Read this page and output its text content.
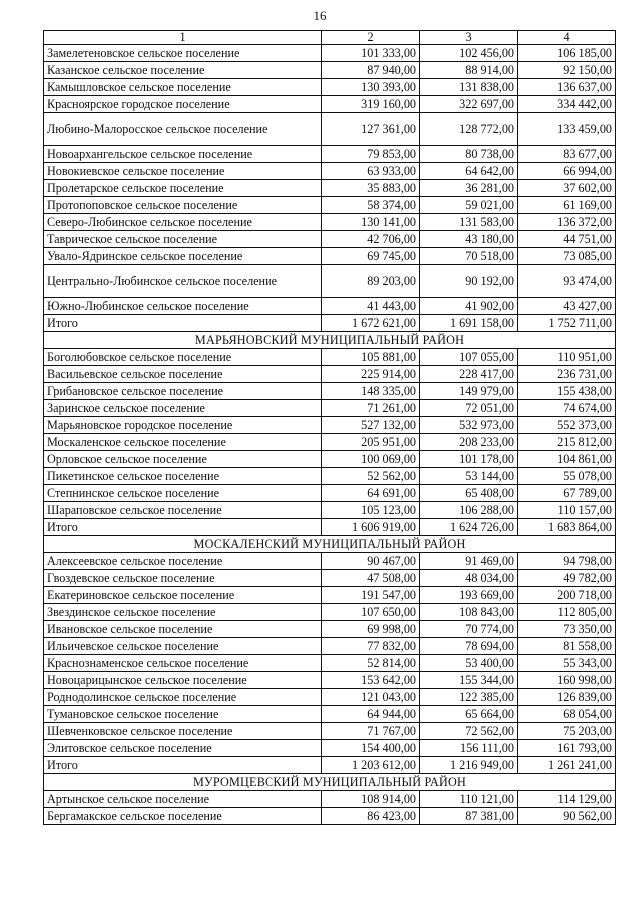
16
1	2	3	4
Замелетеновское сельское поселение	101 333,00	102 456,00	106 185,00
Казанское сельское поселение	87 940,00	88 914,00	92 150,00
Камышловское сельское поселение	130 393,00	131 838,00	136 637,00
Красноярское городское поселение	319 160,00	322 697,00	334 442,00
Любино-Малоросское сельское поселение	127 361,00	128 772,00	133 459,00
Новоархангельское сельское поселение	79 853,00	80 738,00	83 677,00
Новокиевское сельское поселение	63 933,00	64 642,00	66 994,00
Пролетарское сельское поселение	35 883,00	36 281,00	37 602,00
Протопоповское сельское поселение	58 374,00	59 021,00	61 169,00
Северо-Любинское сельское поселение	130 141,00	131 583,00	136 372,00
Таврическое сельское поселение	42 706,00	43 180,00	44 751,00
Увало-Ядринское сельское поселение	69 745,00	70 518,00	73 085,00
Центрально-Любинское сельское поселение	89 203,00	90 192,00	93 474,00
Южно-Любинское сельское поселение	41 443,00	41 902,00	43 427,00
Итого	1 672 621,00	1 691 158,00	1 752 711,00
МАРЬЯНОВСКИЙ МУНИЦИПАЛЬНЫЙ РАЙОН			
Боголюбовское сельское поселение	105 881,00	107 055,00	110 951,00
Васильевское сельское поселение	225 914,00	228 417,00	236 731,00
Грибановское сельское поселение	148 335,00	149 979,00	155 438,00
Заринское сельское поселение	71 261,00	72 051,00	74 674,00
Марьяновское городское поселение	527 132,00	532 973,00	552 373,00
Москаленское сельское поселение	205 951,00	208 233,00	215 812,00
Орловское сельское поселение	100 069,00	101 178,00	104 861,00
Пикетинское сельское поселение	52 562,00	53 144,00	55 078,00
Степнинское сельское поселение	64 691,00	65 408,00	67 789,00
Шараповское сельское поселение	105 123,00	106 288,00	110 157,00
Итого	1 606 919,00	1 624 726,00	1 683 864,00
МОСКАЛЕНСКИЙ МУНИЦИПАЛЬНЫЙ РАЙОН			
Алексеевское сельское поселение	90 467,00	91 469,00	94 798,00
Гвоздевское сельское поселение	47 508,00	48 034,00	49 782,00
Екатериновское сельское поселение	191 547,00	193 669,00	200 718,00
Звездинское сельское поселение	107 650,00	108 843,00	112 805,00
Ивановское сельское поселение	69 998,00	70 774,00	73 350,00
Ильичевское сельское поселение	77 832,00	78 694,00	81 558,00
Краснознаменское сельское поселение	52 814,00	53 400,00	55 343,00
Новоцарицынское сельское поселение	153 642,00	155 344,00	160 998,00
Роднодолинское сельское поселение	121 043,00	122 385,00	126 839,00
Тумановское сельское поселение	64 944,00	65 664,00	68 054,00
Шевченковское сельское поселение	71 767,00	72 562,00	75 203,00
Элитовское сельское поселение	154 400,00	156 111,00	161 793,00
Итого	1 203 612,00	1 216 949,00	1 261 241,00
МУРОМЦЕВСКИЙ МУНИЦИПАЛЬНЫЙ РАЙОН			
Артынское сельское поселение	108 914,00	110 121,00	114 129,00
Бергамакское сельское поселение	86 423,00	87 381,00	90 562,00
